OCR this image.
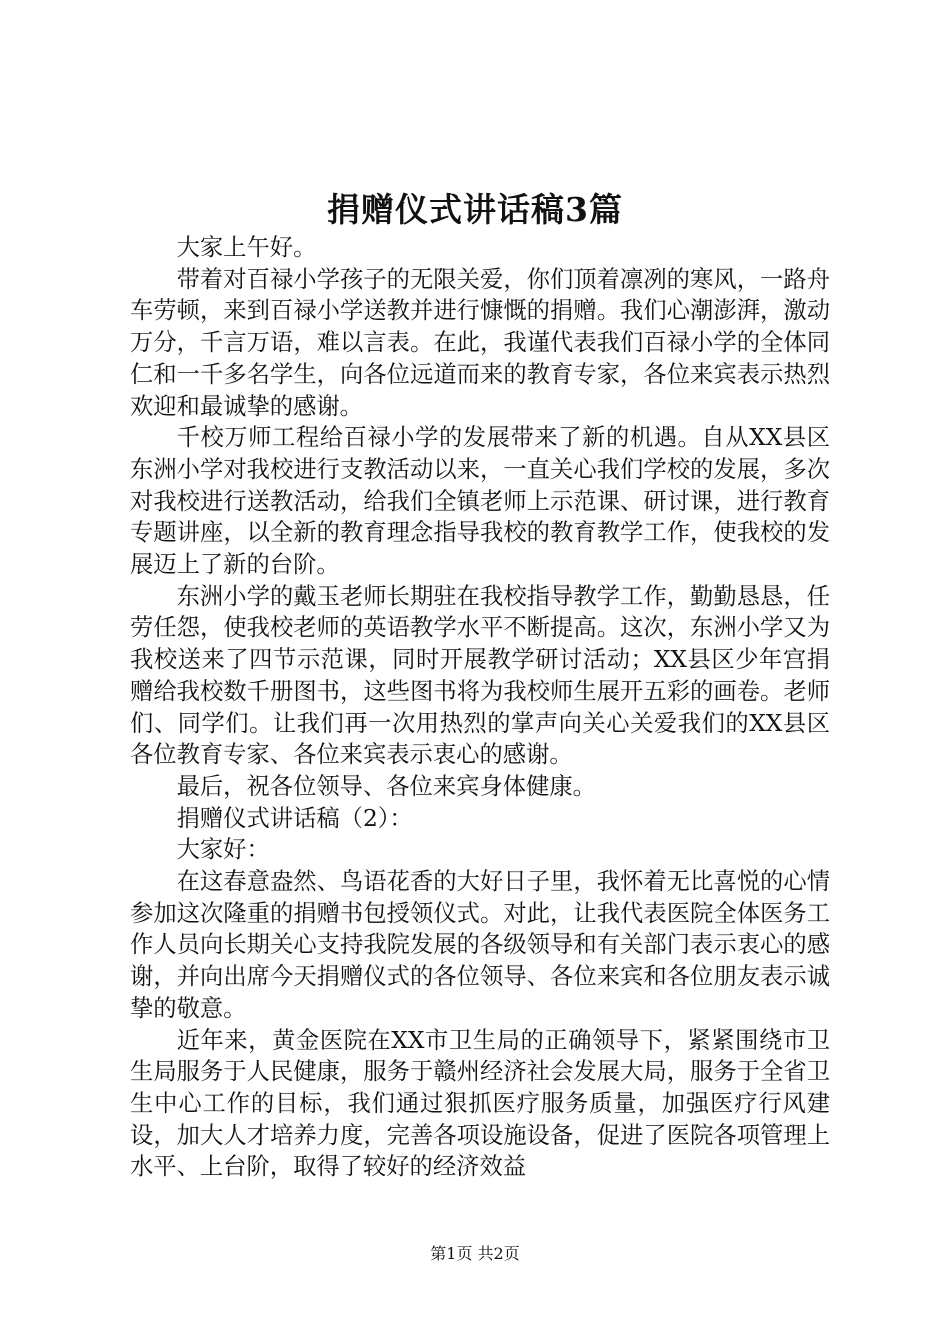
捐赠仪式讲话稿3篇

大家上午好。

带着对百禄小学孩子的无限关爱，你们顶着凛冽的寒风，一路舟车劳顿，来到百禄小学送教并进行慷慨的捐赠。我们心潮澎湃，激动万分，千言万语，难以言表。在此，我谨代表我们百禄小学的全体同仁和一千多名学生，向各位远道而来的教育专家，各位来宾表示热烈欢迎和最诚挚的感谢。

千校万师工程给百禄小学的发展带来了新的机遇。自从XX县区东洲小学对我校进行支教活动以来，一直关心我们学校的发展，多次对我校进行送教活动，给我们全镇老师上示范课、研讨课，进行教育专题讲座，以全新的教育理念指导我校的教育教学工作，使我校的发展迈上了新的台阶。

东洲小学的戴玉老师长期驻在我校指导教学工作，勤勤恳恳，任劳任怨，使我校老师的英语教学水平不断提高。这次，东洲小学又为我校送来了四节示范课，同时开展教学研讨活动；XX县区少年宫捐赠给我校数千册图书，这些图书将为我校师生展开五彩的画卷。老师们、同学们。让我们再一次用热烈的掌声向关心关爱我们的XX县区各位教育专家、各位来宾表示衷心的感谢。

最后，祝各位领导、各位来宾身体健康。

捐赠仪式讲话稿（2）：

大家好：

在这春意盎然、鸟语花香的大好日子里，我怀着无比喜悦的心情参加这次隆重的捐赠书包授领仪式。对此，让我代表医院全体医务工作人员向长期关心支持我院发展的各级领导和有关部门表示衷心的感谢，并向出席今天捐赠仪式的各位领导、各位来宾和各位朋友表示诚挚的敬意。

近年来，黄金医院在XX市卫生局的正确领导下，紧紧围绕市卫生局服务于人民健康，服务于赣州经济社会发展大局，服务于全省卫生中心工作的目标，我们通过狠抓医疗服务质量，加强医疗行风建设，加大人才培养力度，完善各项设施设备，促进了医院各项管理上水平、上台阶，取得了较好的经济效益

第1页 共2页
